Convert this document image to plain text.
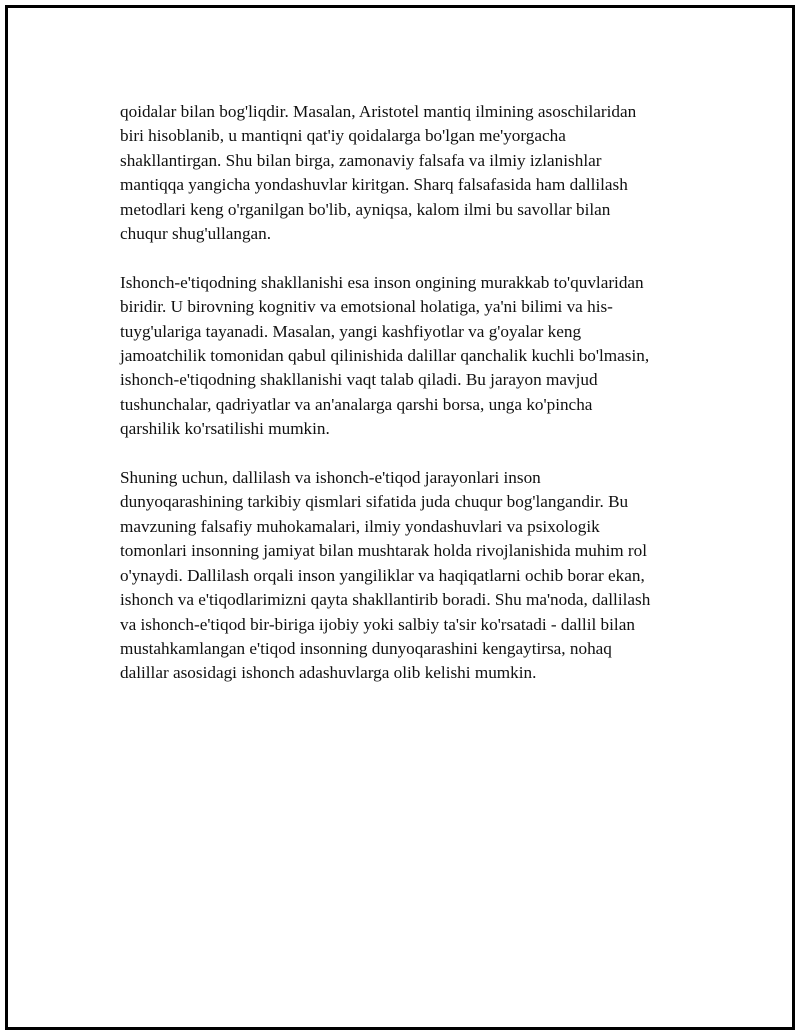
qoidalar bilan bog'liqdir. Masalan, Aristotel mantiq ilmining asoschilaridan
biri hisoblanib, u mantiqni qat'iy qoidalarga bo'lgan me'yorgacha
shakllantirgan. Shu bilan birga, zamonaviy falsafa va ilmiy izlanishlar
mantiqqa yangicha yondashuvlar kiritgan. Sharq falsafasida ham dallilash
metodlari keng o'rganilgan bo'lib, ayniqsa, kalom ilmi bu savollar bilan
chuqur shug'ullangan.

Ishonch-e'tiqodning shakllanishi esa inson ongining murakkab to'quvlaridan
biridir. U birovning kognitiv va emotsional holatiga, ya'ni bilimi va his-
tuyg'ulariga tayanadi. Masalan, yangi kashfiyotlar va g'oyalar keng
jamoatchilik tomonidan qabul qilinishida dalillar qanchalik kuchli bo'lmasin,
ishonch-e'tiqodning shakllanishi vaqt talab qiladi. Bu jarayon mavjud
tushunchalar, qadriyatlar va an'analarga qarshi borsa, unga ko'pincha
qarshilik ko'rsatilishi mumkin.

Shuning uchun, dallilash va ishonch-e'tiqod jarayonlari inson
dunyoqarashining tarkibiy qismlari sifatida juda chuqur bog'langandir. Bu
mavzuning falsafiy muhokamalari, ilmiy yondashuvlari va psixologik
tomonlari insonning jamiyat bilan mushtarak holda rivojlanishida muhim rol
o'ynaydi. Dallilash orqali inson yangiliklar va haqiqatlarni ochib borar ekan,
ishonch va e'tiqodlarimizni qayta shakllantirib boradi. Shu ma'noda, dallilash
va ishonch-e'tiqod bir-biriga ijobiy yoki salbiy ta'sir ko'rsatadi - dallil bilan
mustahkamlangan e'tiqod insonning dunyoqarashini kengaytirsa, nohaq
dalillar asosidagi ishonch adashuvlarga olib kelishi mumkin.
